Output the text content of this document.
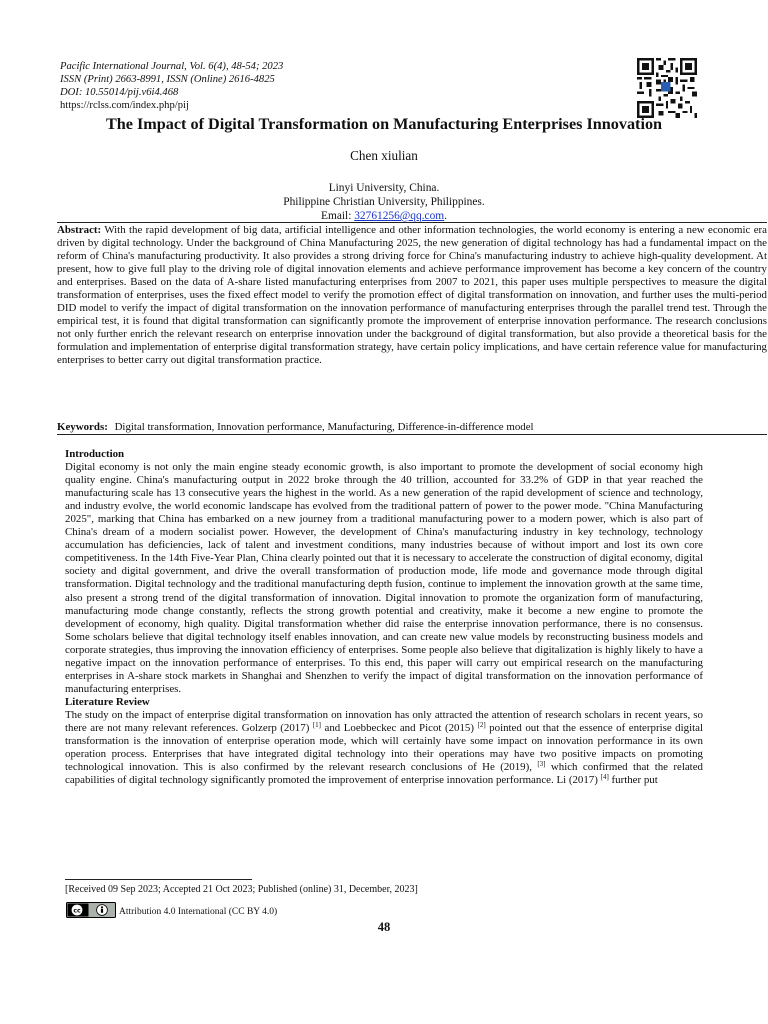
Pacific International Journal, Vol. 6(4), 48-54; 2023
ISSN (Print) 2663-8991, ISSN (Online) 2616-4825
DOI: 10.55014/pij.v6i4.468
https://rclss.com/index.php/pij
The Impact of Digital Transformation on Manufacturing Enterprises Innovation
Chen xiulian
Linyi University, China.
Philippine Christian University, Philippines.
Email: 32761256@qq.com.
Abstract: With the rapid development of big data, artificial intelligence and other information technologies, the world economy is entering a new economic era driven by digital technology. Under the background of China Manufacturing 2025, the new generation of digital technology has had a fundamental impact on the reform of China's manufacturing productivity. It also provides a strong driving force for China's manufacturing industry to achieve high-quality development. At present, how to give full play to the driving role of digital innovation elements and achieve performance improvement has become a key concern of the country and enterprises. Based on the data of A-share listed manufacturing enterprises from 2007 to 2021, this paper uses multiple perspectives to measure the digital transformation of enterprises, uses the fixed effect model to verify the promotion effect of digital transformation on innovation, and further uses the multi-period DID model to verify the impact of digital transformation on the innovation performance of manufacturing enterprises through the parallel trend test. Through the empirical test, it is found that digital transformation can significantly promote the improvement of enterprise innovation performance. The research conclusions not only further enrich the relevant research on enterprise innovation under the background of digital transformation, but also provide a theoretical basis for the formulation and implementation of enterprise digital transformation strategy, have certain policy implications, and have certain reference value for manufacturing enterprises to better carry out digital transformation practice.
Keywords: Digital transformation, Innovation performance, Manufacturing, Difference-in-difference model
Introduction

Digital economy is not only the main engine steady economic growth, is also important to promote the development of social economy high quality engine. China's manufacturing output in 2022 broke through the 40 trillion, accounted for 33.2% of GDP in that year reached the manufacturing scale has 13 consecutive years the highest in the world. As a new generation of the rapid development of science and technology, and industry evolve, the world economic landscape has evolved from the traditional pattern of power to the power mode. "China Manufacturing 2025", marking that China has embarked on a new journey from a traditional manufacturing power to a modern power, which is also part of China's dream of a modern socialist power. However, the development of China's manufacturing industry in key technology, technology accumulation has deficiencies, lack of talent and investment conditions, many industries because of without import and lost its own core competitiveness. In the 14th Five-Year Plan, China clearly pointed out that it is necessary to accelerate the construction of digital economy, digital society and digital government, and drive the overall transformation of production mode, life mode and governance mode through digital transformation. Digital technology and the traditional manufacturing depth fusion, continue to implement the innovation growth at the same time, also present a strong trend of the digital transformation of innovation. Digital innovation to promote the organization form of manufacturing, manufacturing mode change constantly, reflects the strong growth potential and creativity, make it become a new engine to promote the development of economy, high quality. Digital transformation whether did raise the enterprise innovation performance, there is no consensus. Some scholars believe that digital technology itself enables innovation, and can create new value models by reconstructing business models and corporate strategies, thus improving the innovation efficiency of enterprises. Some people also believe that digitalization is highly likely to have a negative impact on the innovation performance of enterprises. To this end, this paper will carry out empirical research on the manufacturing enterprises in A-share stock markets in Shanghai and Shenzhen to verify the impact of digital transformation on the innovation performance of manufacturing enterprises.

Literature Review

The study on the impact of enterprise digital transformation on innovation has only attracted the attention of research scholars in recent years, so there are not many relevant references. Golzerp (2017) [1] and Loebbeckec and Picot (2015) [2] pointed out that the essence of enterprise digital transformation is the innovation of enterprise operation mode, which will certainly have some impact on innovation performance in its own operation process. Enterprises that have integrated digital technology into their operations may have two positive impacts on promoting technological innovation. This is also confirmed by the relevant research conclusions of He (2019), [3] which confirmed that the related capabilities of digital technology significantly promoted the improvement of enterprise innovation performance. Li (2017) [4] further put

[Received 09 Sep 2023; Accepted 21 Oct 2023; Published (online) 31, December, 2023]
cc	Attribution 4.0 International (CC BY 4.0)
48
